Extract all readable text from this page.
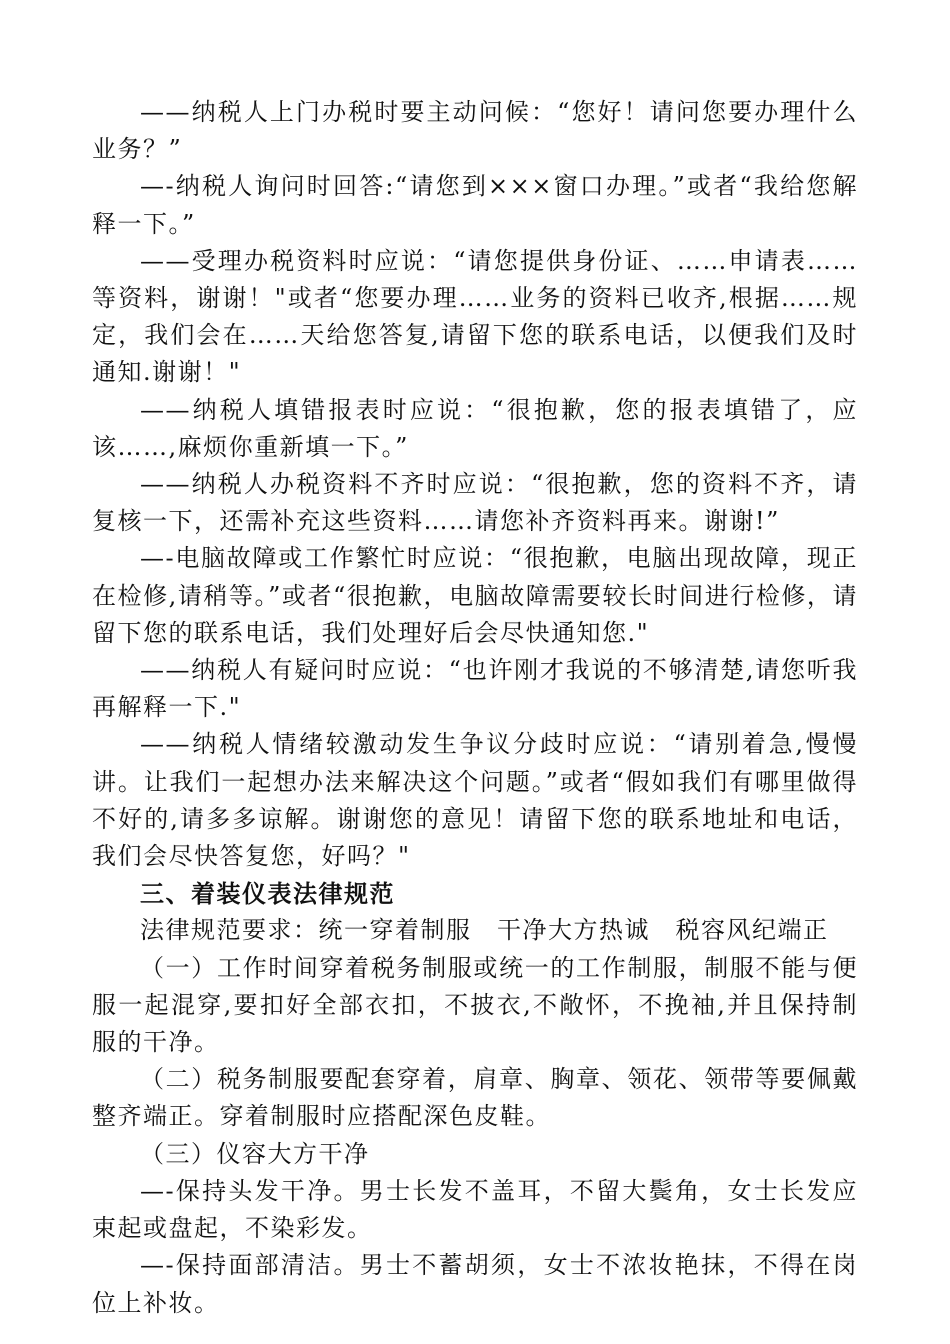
——纳税人上门办税时要主动问候：“您好！请问您要办理什么业务？”

—-纳税人询问时回答:“请您到×××窗口办理。”或者“我给您解释一下。”

——受理办税资料时应说：“请您提供身份证、……申请表……等资料，谢谢！"或者“您要办理……业务的资料已收齐,根据……规定，我们会在……天给您答复,请留下您的联系电话，以便我们及时通知.谢谢！"

——纳税人填错报表时应说：“很抱歉，您的报表填错了，应该……,麻烦你重新填一下。”

——纳税人办税资料不齐时应说：“很抱歉，您的资料不齐，请复核一下，还需补充这些资料……请您补齐资料再来。谢谢!”

—-电脑故障或工作繁忙时应说：“很抱歉，电脑出现故障，现正在检修,请稍等。”或者“很抱歉，电脑故障需要较长时间进行检修，请留下您的联系电话，我们处理好后会尽快通知您."

——纳税人有疑问时应说：“也许刚才我说的不够清楚,请您听我再解释一下."

——纳税人情绪较激动发生争议分歧时应说：“请别着急,慢慢讲。让我们一起想办法来解决这个问题。”或者“假如我们有哪里做得不好的,请多多谅解。谢谢您的意见！请留下您的联系地址和电话，我们会尽快答复您，好吗？"

三、着装仪表法律规范

法律规范要求：统一穿着制服　干净大方热诚　税容风纪端正

（一）工作时间穿着税务制服或统一的工作制服，制服不能与便服一起混穿,要扣好全部衣扣，不披衣,不敞怀，不挽袖,并且保持制服的干净。

（二）税务制服要配套穿着，肩章、胸章、领花、领带等要佩戴整齐端正。穿着制服时应搭配深色皮鞋。

（三）仪容大方干净

—-保持头发干净。男士长发不盖耳，不留大鬓角，女士长发应束起或盘起，不染彩发。

—-保持面部清洁。男士不蓄胡须，女士不浓妆艳抹，不得在岗位上补妆。
